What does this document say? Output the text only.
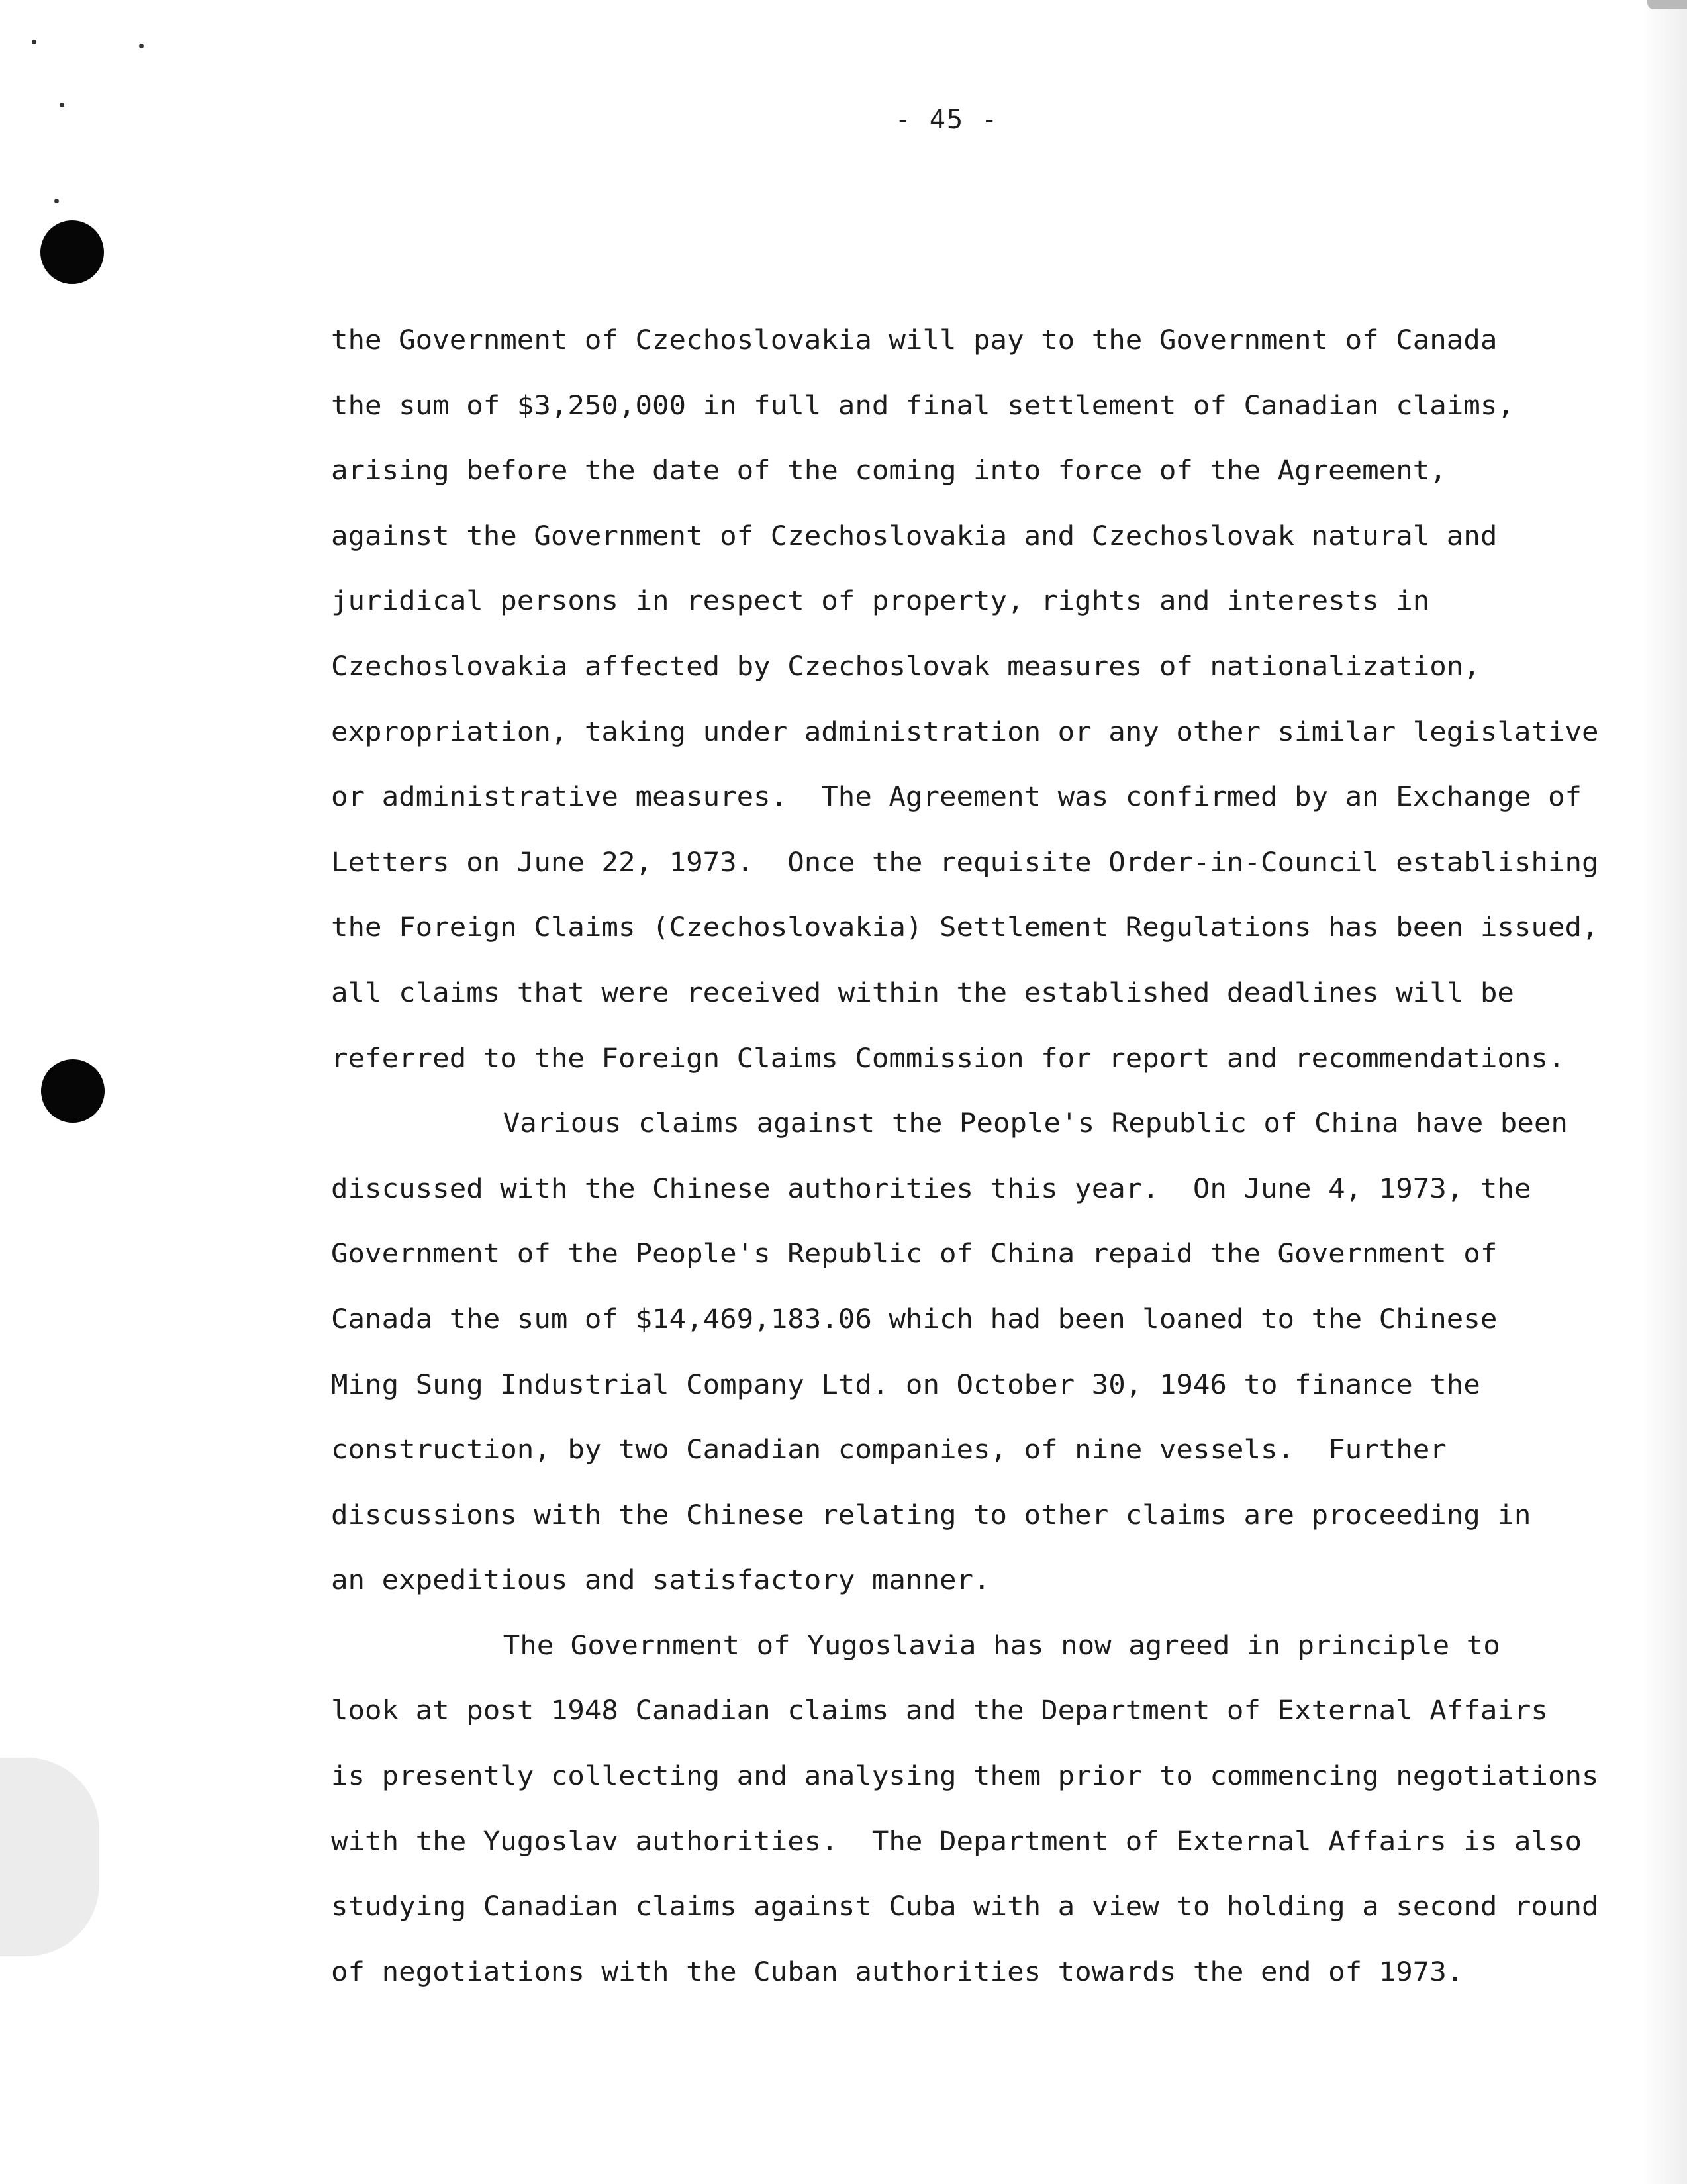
- 45 -
the Government of Czechoslovakia will pay to the Government of Canada
the sum of $3,250,000 in full and final settlement of Canadian claims,
arising before the date of the coming into force of the Agreement,
against the Government of Czechoslovakia and Czechoslovak natural and
juridical persons in respect of property, rights and interests in
Czechoslovakia affected by Czechoslovak measures of nationalization,
expropriation, taking under administration or any other similar legislative
or administrative measures.  The Agreement was confirmed by an Exchange of
Letters on June 22, 1973.  Once the requisite Order-in-Council establishing
the Foreign Claims (Czechoslovakia) Settlement Regulations has been issued,
all claims that were received within the established deadlines will be
referred to the Foreign Claims Commission for report and recommendations.
Various claims against the People's Republic of China have been
discussed with the Chinese authorities this year.  On June 4, 1973, the
Government of the People's Republic of China repaid the Government of
Canada the sum of $14,469,183.06 which had been loaned to the Chinese
Ming Sung Industrial Company Ltd. on October 30, 1946 to finance the
construction, by two Canadian companies, of nine vessels.  Further
discussions with the Chinese relating to other claims are proceeding in
an expeditious and satisfactory manner.
The Government of Yugoslavia has now agreed in principle to
look at post 1948 Canadian claims and the Department of External Affairs
is presently collecting and analysing them prior to commencing negotiations
with the Yugoslav authorities.  The Department of External Affairs is also
studying Canadian claims against Cuba with a view to holding a second round
of negotiations with the Cuban authorities towards the end of 1973.
